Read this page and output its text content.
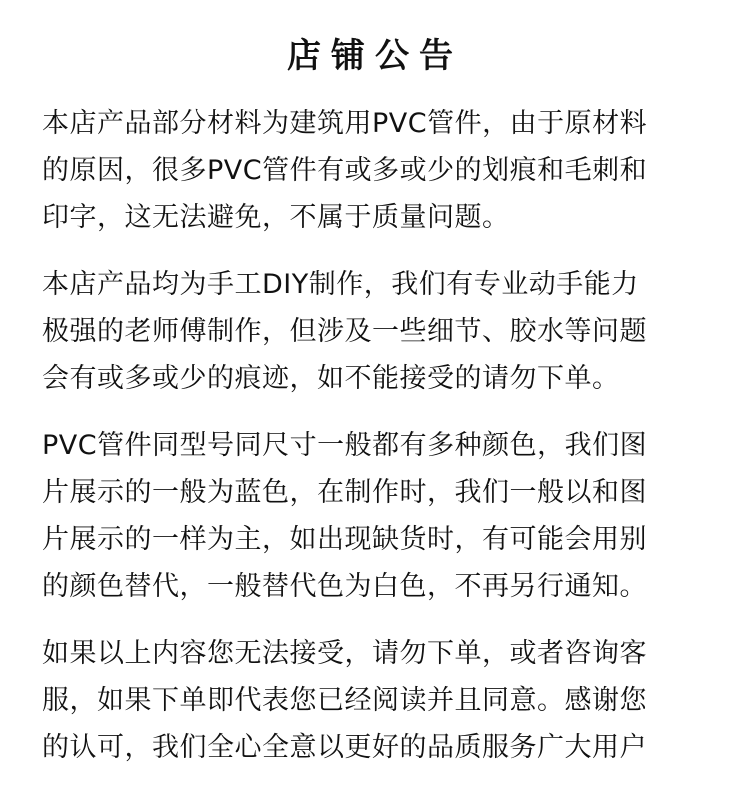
店铺公告

本店产品部分材料为建筑用PVC管件，由于原材料
的原因，很多PVC管件有或多或少的划痕和毛刺和
印字，这无法避免，不属于质量问题。

本店产品均为手工DIY制作，我们有专业动手能力
极强的老师傅制作，但涉及一些细节、胶水等问题
会有或多或少的痕迹，如不能接受的请勿下单。

PVC管件同型号同尺寸一般都有多种颜色，我们图
片展示的一般为蓝色，在制作时，我们一般以和图
片展示的一样为主，如出现缺货时，有可能会用别
的颜色替代，一般替代色为白色，不再另行通知。

如果以上内容您无法接受，请勿下单，或者咨询客
服，如果下单即代表您已经阅读并且同意。感谢您
的认可，我们全心全意以更好的品质服务广大用户
